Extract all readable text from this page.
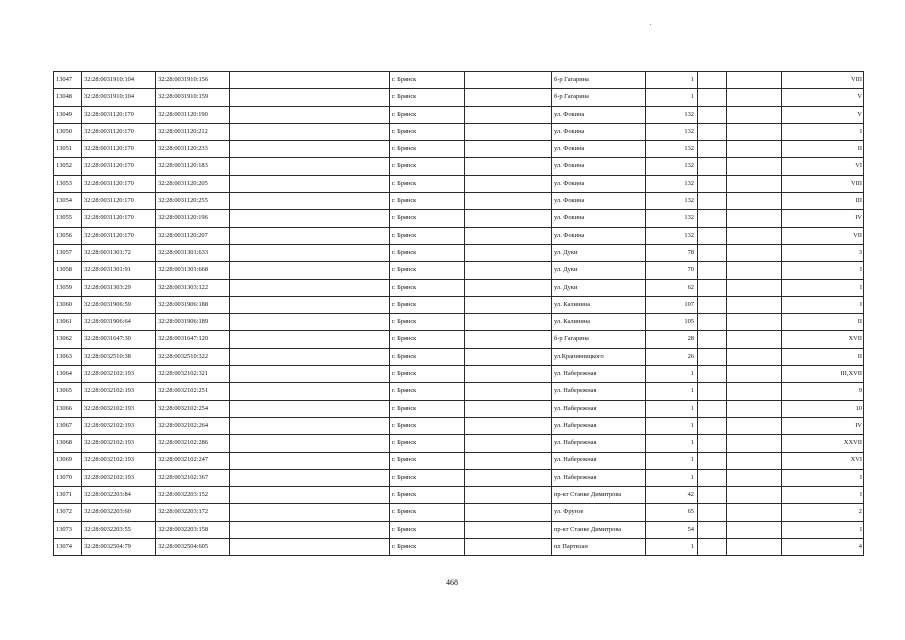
13047	32:28:0031910:104	32:28:0031910:156		г. Брянск		б-р Гагарина	1			VIII
13048	32:28:0031910:104	32:28:0031910:159		г. Брянск		б-р Гагарина	1			V
13049	32:28:0031120:170	32:28:0031120:190		г. Брянск		ул. Фокина	132			V
13050	32:28:0031120:170	32:28:0031120:212		г. Брянск		ул. Фокина	132			I
13051	32:28:0031120:170	32:28:0031120:233		г. Брянск		ул. Фокина	132			II
13052	32:28:0031120:170	32:28:0031120:183		г. Брянск		ул. Фокина	132			VI
13053	32:28:0031120:170	32:28:0031120:205		г. Брянск		ул. Фокина	132			VIII
13054	32:28:0031120:170	32:28:0031120:255		г. Брянск		ул. Фокина	132			III
13055	32:28:0031120:170	32:28:0031120:196		г. Брянск		ул. Фокина	132			IV
13056	32:28:0031120:170	32:28:0031120:207		г. Брянск		ул. Фокина	132			VII
13057	32:28:0031301:72	32:28:0031301:633		г. Брянск		ул. Дуки	78			3
13058	32:28:0031301:91	32:28:0031301:668		г. Брянск		ул. Дуки	70			I
13059	32:28:0031303:29	32:28:0031303:122		г. Брянск		ул. Дуки	62			I
13060	32:28:0031906:59	32:28:0031906:188		г. Брянск		ул. Калинина	107			I
13061	32:28:0031906:64	32:28:0031906:189		г. Брянск		ул. Калинина	105			II
13062	32:28:0031647:30	32:28:0031647:120		г. Брянск		б-р Гагарина	28			XVII
13063	32:28:0032510:38	32:28:0032510:322		г. Брянск		ул.Крапивницкого	26			II
13064	32:28:0032102:193	32:28:0032102:321		г. Брянск		ул. Набережная	1			III,XVII
13065	32:28:0032102:193	32:28:0032102:251		г. Брянск		ул. Набережная	1			9
13066	32:28:0032102:193	32:28:0032102:254		г. Брянск		ул. Набережная	1			10
13067	32:28:0032102:193	32:28:0032102:264		г. Брянск		ул. Набережная	1			IV
13068	32:28:0032102:193	32:28:0032102:286		г. Брянск		ул. Набережная	1			XXVII
13069	32:28:0032102:193	32:28:0032102:247		г. Брянск		ул. Набережная	1			XVI
13070	32:28:0032102:193	32:28:0032102:367		г. Брянск		ул. Набережная	1			I
13071	32:28:0032203:84	32:28:0032203:152		г. Брянск		пр-кт Станке Димитрова	42			I
13072	32:28:0032203:60	32:28:0032203:172		г. Брянск		ул. Фрунзе	65			2
13073	32:28:0032203:55	32:28:0032203:158		г. Брянск		пр-кт Станке Димитрова	54			I
13074	32:28:0032504:79	32:28:0032504:605		г. Брянск		пл Партизан	1			4
468
